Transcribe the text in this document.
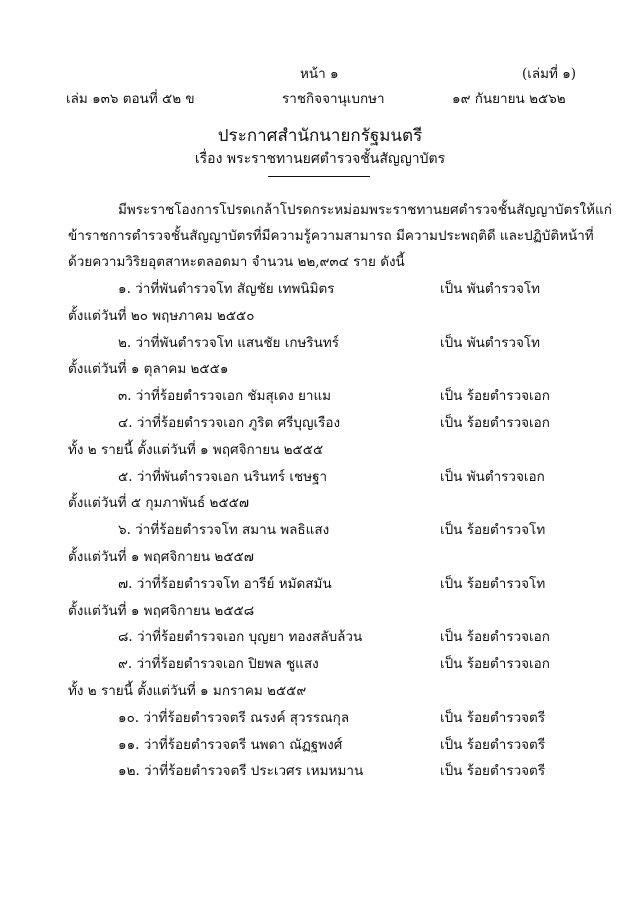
หน้า ๑	(เล่มที่ ๑)
เล่ม ๑๓๖ ตอนที่ ๕๒ ข	ราชกิจจานุเบกษา	๑๙ กันยายน ๒๕๖๒
ประกาศสำนักนายกรัฐมนตรี
เรื่อง พระราชทานยศตำรวจชั้นสัญญาบัตร
มีพระราชโองการโปรดเกล้าโปรดกระหม่อมพระราชทานยศตำรวจชั้นสัญญาบัตรให้แก่
ข้าราชการตำรวจชั้นสัญญาบัตรที่มีความรู้ความสามารถ มีความประพฤติดี และปฏิบัติหน้าที่
ด้วยความวิริยอุตสาหะตลอดมา จำนวน ๒๒,๙๓๔ ราย ดังนี้
๑. ว่าที่พันตำรวจโท สัญชัย เทพนิมิตร	เป็น พันตำรวจโท
ตั้งแต่วันที่ ๒๐ พฤษภาคม ๒๕๕๐
๒. ว่าที่พันตำรวจโท แสนชัย เกษรินทร์	เป็น พันตำรวจโท
ตั้งแต่วันที่ ๑ ตุลาคม ๒๕๕๑
๓. ว่าที่ร้อยตำรวจเอก ชัมสุเดง ยาแม	เป็น ร้อยตำรวจเอก
๔. ว่าที่ร้อยตำรวจเอก ภูริต ศรีบุญเรือง	เป็น ร้อยตำรวจเอก
ทั้ง ๒ รายนี้ ตั้งแต่วันที่ ๑ พฤศจิกายน ๒๕๕๕
๕. ว่าที่พันตำรวจเอก นรินทร์ เชษฐา	เป็น พันตำรวจเอก
ตั้งแต่วันที่ ๕ กุมภาพันธ์ ๒๕๕๗
๖. ว่าที่ร้อยตำรวจโท สมาน พลธิแสง	เป็น ร้อยตำรวจโท
ตั้งแต่วันที่ ๑ พฤศจิกายน ๒๕๕๗
๗. ว่าที่ร้อยตำรวจโท อารีย์ หมัดสมัน	เป็น ร้อยตำรวจโท
ตั้งแต่วันที่ ๑ พฤศจิกายน ๒๕๕๘
๘. ว่าที่ร้อยตำรวจเอก บุญยา ทองสลับล้วน	เป็น ร้อยตำรวจเอก
๙. ว่าที่ร้อยตำรวจเอก ปิยพล ชูแสง	เป็น ร้อยตำรวจเอก
ทั้ง ๒ รายนี้ ตั้งแต่วันที่ ๑ มกราคม ๒๕๕๙
๑๐. ว่าที่ร้อยตำรวจตรี ณรงค์ สุวรรณกุล	เป็น ร้อยตำรวจตรี
๑๑. ว่าที่ร้อยตำรวจตรี นพดา ณัฏฐพงศ์	เป็น ร้อยตำรวจตรี
๑๒. ว่าที่ร้อยตำรวจตรี ประเวศร เหมหมาน	เป็น ร้อยตำรวจตรี
